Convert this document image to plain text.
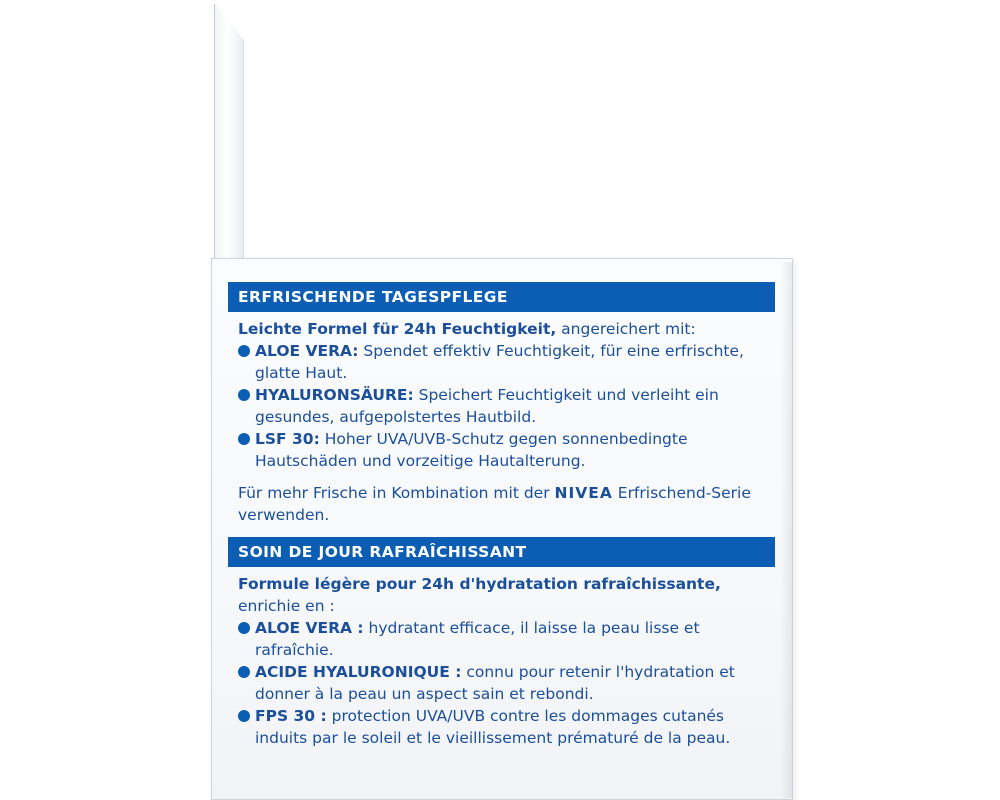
ERFRISCHENDE TAGESPFLEGE
Leichte Formel für 24h Feuchtigkeit, angereichert mit:
ALOE VERA: Spendet effektiv Feuchtigkeit, für eine erfrischte, glatte Haut.
HYALURONSÄURE: Speichert Feuchtigkeit und verleiht ein gesundes, aufgepolstertes Hautbild.
LSF 30: Hoher UVA/UVB-Schutz gegen sonnenbedingte Hautschäden und vorzeitige Hautalterung.
Für mehr Frische in Kombination mit der NIVEA Erfrischend-Serie verwenden.
SOIN DE JOUR RAFRAÎCHISSANT
Formule légère pour 24h d'hydratation rafraîchissante,
enrichie en :
ALOE VERA : hydratant efficace, il laisse la peau lisse et rafraîchie.
ACIDE HYALURONIQUE : connu pour retenir l'hydratation et donner à la peau un aspect sain et rebondi.
FPS 30 : protection UVA/UVB contre les dommages cutanés induits par le soleil et le vieillissement prématuré de la peau.
